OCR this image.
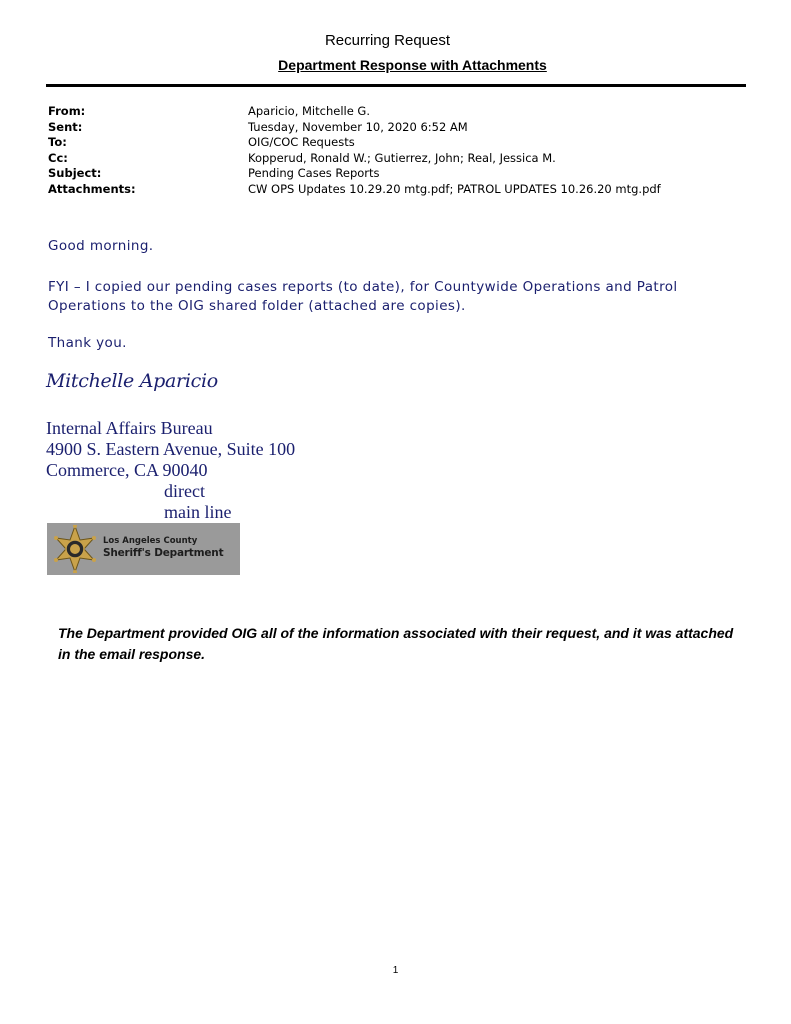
Recurring Request
Department Response with Attachments
From:	Aparicio, Mitchelle G.
Sent:	Tuesday, November 10, 2020 6:52 AM
To:	OIG/COC Requests
Cc:	Kopperud, Ronald W.; Gutierrez, John; Real, Jessica M.
Subject:	Pending Cases Reports
Attachments:	CW OPS Updates 10.29.20 mtg.pdf; PATROL UPDATES 10.26.20 mtg.pdf
Good morning.
FYI – I copied our pending cases reports (to date), for Countywide Operations and Patrol Operations to the OIG shared folder (attached are copies).
Thank you.
Mitchelle Aparicio
Internal Affairs Bureau
4900 S. Eastern Avenue, Suite 100
Commerce, CA 90040
direct
main line
Los Angeles County
Sheriff's Department
The Department provided OIG all of the information associated with their request, and it was attached in the email response.
1
